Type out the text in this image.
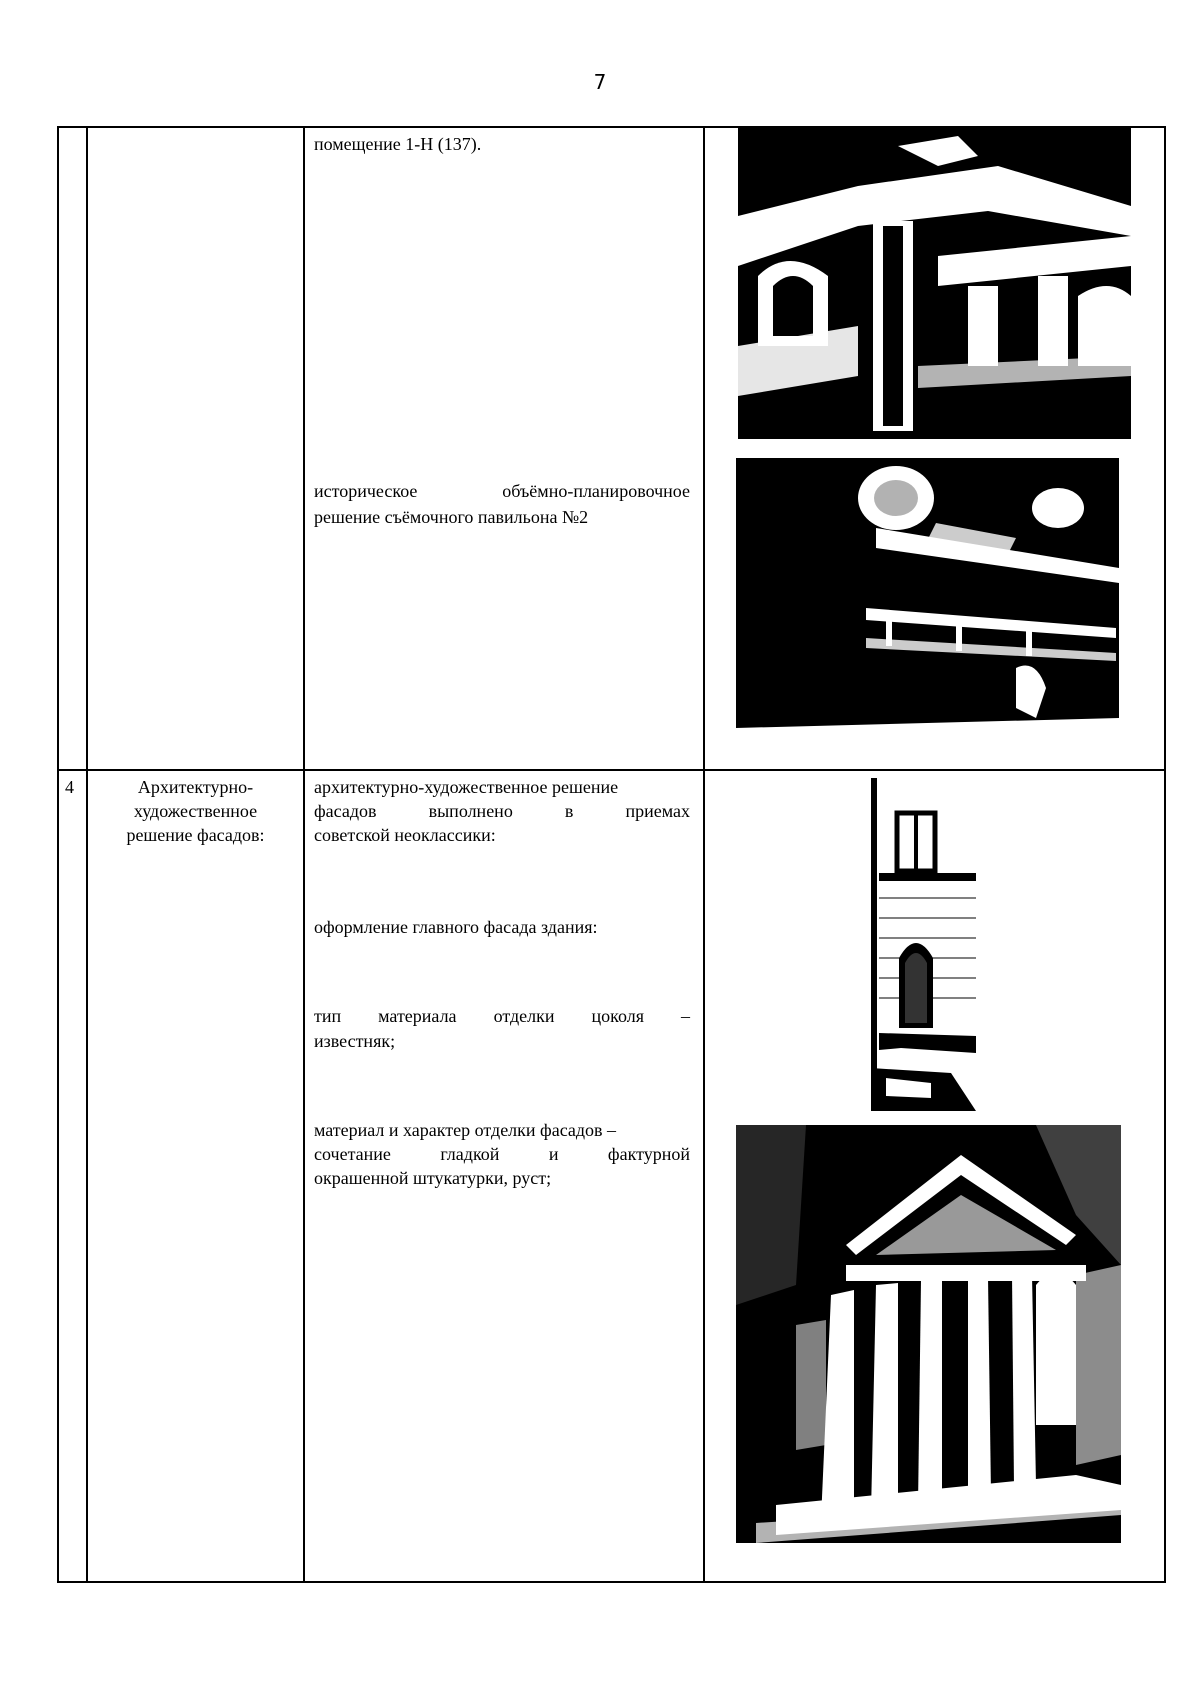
7
помещение 1-Н (137).
историческое объёмно-планировочное
решение съёмочного павильона №2
4	Архитектурно-
художественное
решение фасадов:
архитектурно-художественное решение
фасадов выполнено в приемах
советской неоклассики:
оформление главного фасада здания:
тип материала отделки цоколя –
известняк;
материал и характер отделки фасадов –
сочетание гладкой и фактурной
окрашенной штукатурки, руст;
